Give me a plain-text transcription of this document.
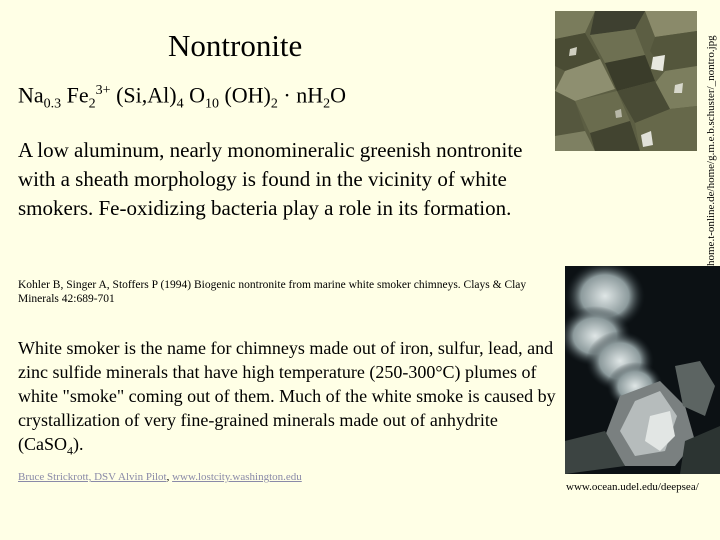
Nontronite
$Na_{0.3}$ $Fe_2^{3+}$ $(Si,Al)_4$ $O_{10}$ $(OH)_2 \cdot nH_2O$
A low aluminum, nearly monomineralic greenish nontronite with a sheath morphology is found in the vicinity of white smokers. Fe-oxidizing bacteria play a role in its formation.
Kohler B, Singer A, Stoffers P (1994) Biogenic nontronite from marine white smoker chimneys. Clays & Clay Minerals 42:689-701
White smoker is the name for chimneys made out of iron, sulfur, lead, and zinc sulfide minerals that have high temperature (250-300°C) plumes of white "smoke" coming out of them. Much of the white smoke is caused by crystallization of very fine-grained minerals made out of anhydrite (CaSO$_4$).
Bruce Strickrott, DSV Alvin Pilot, www.lostcity.washington.edu
home.t-online.de/home/g.m.e.b.schuster/_nontro.jpg
www.ocean.udel.edu/deepsea/
